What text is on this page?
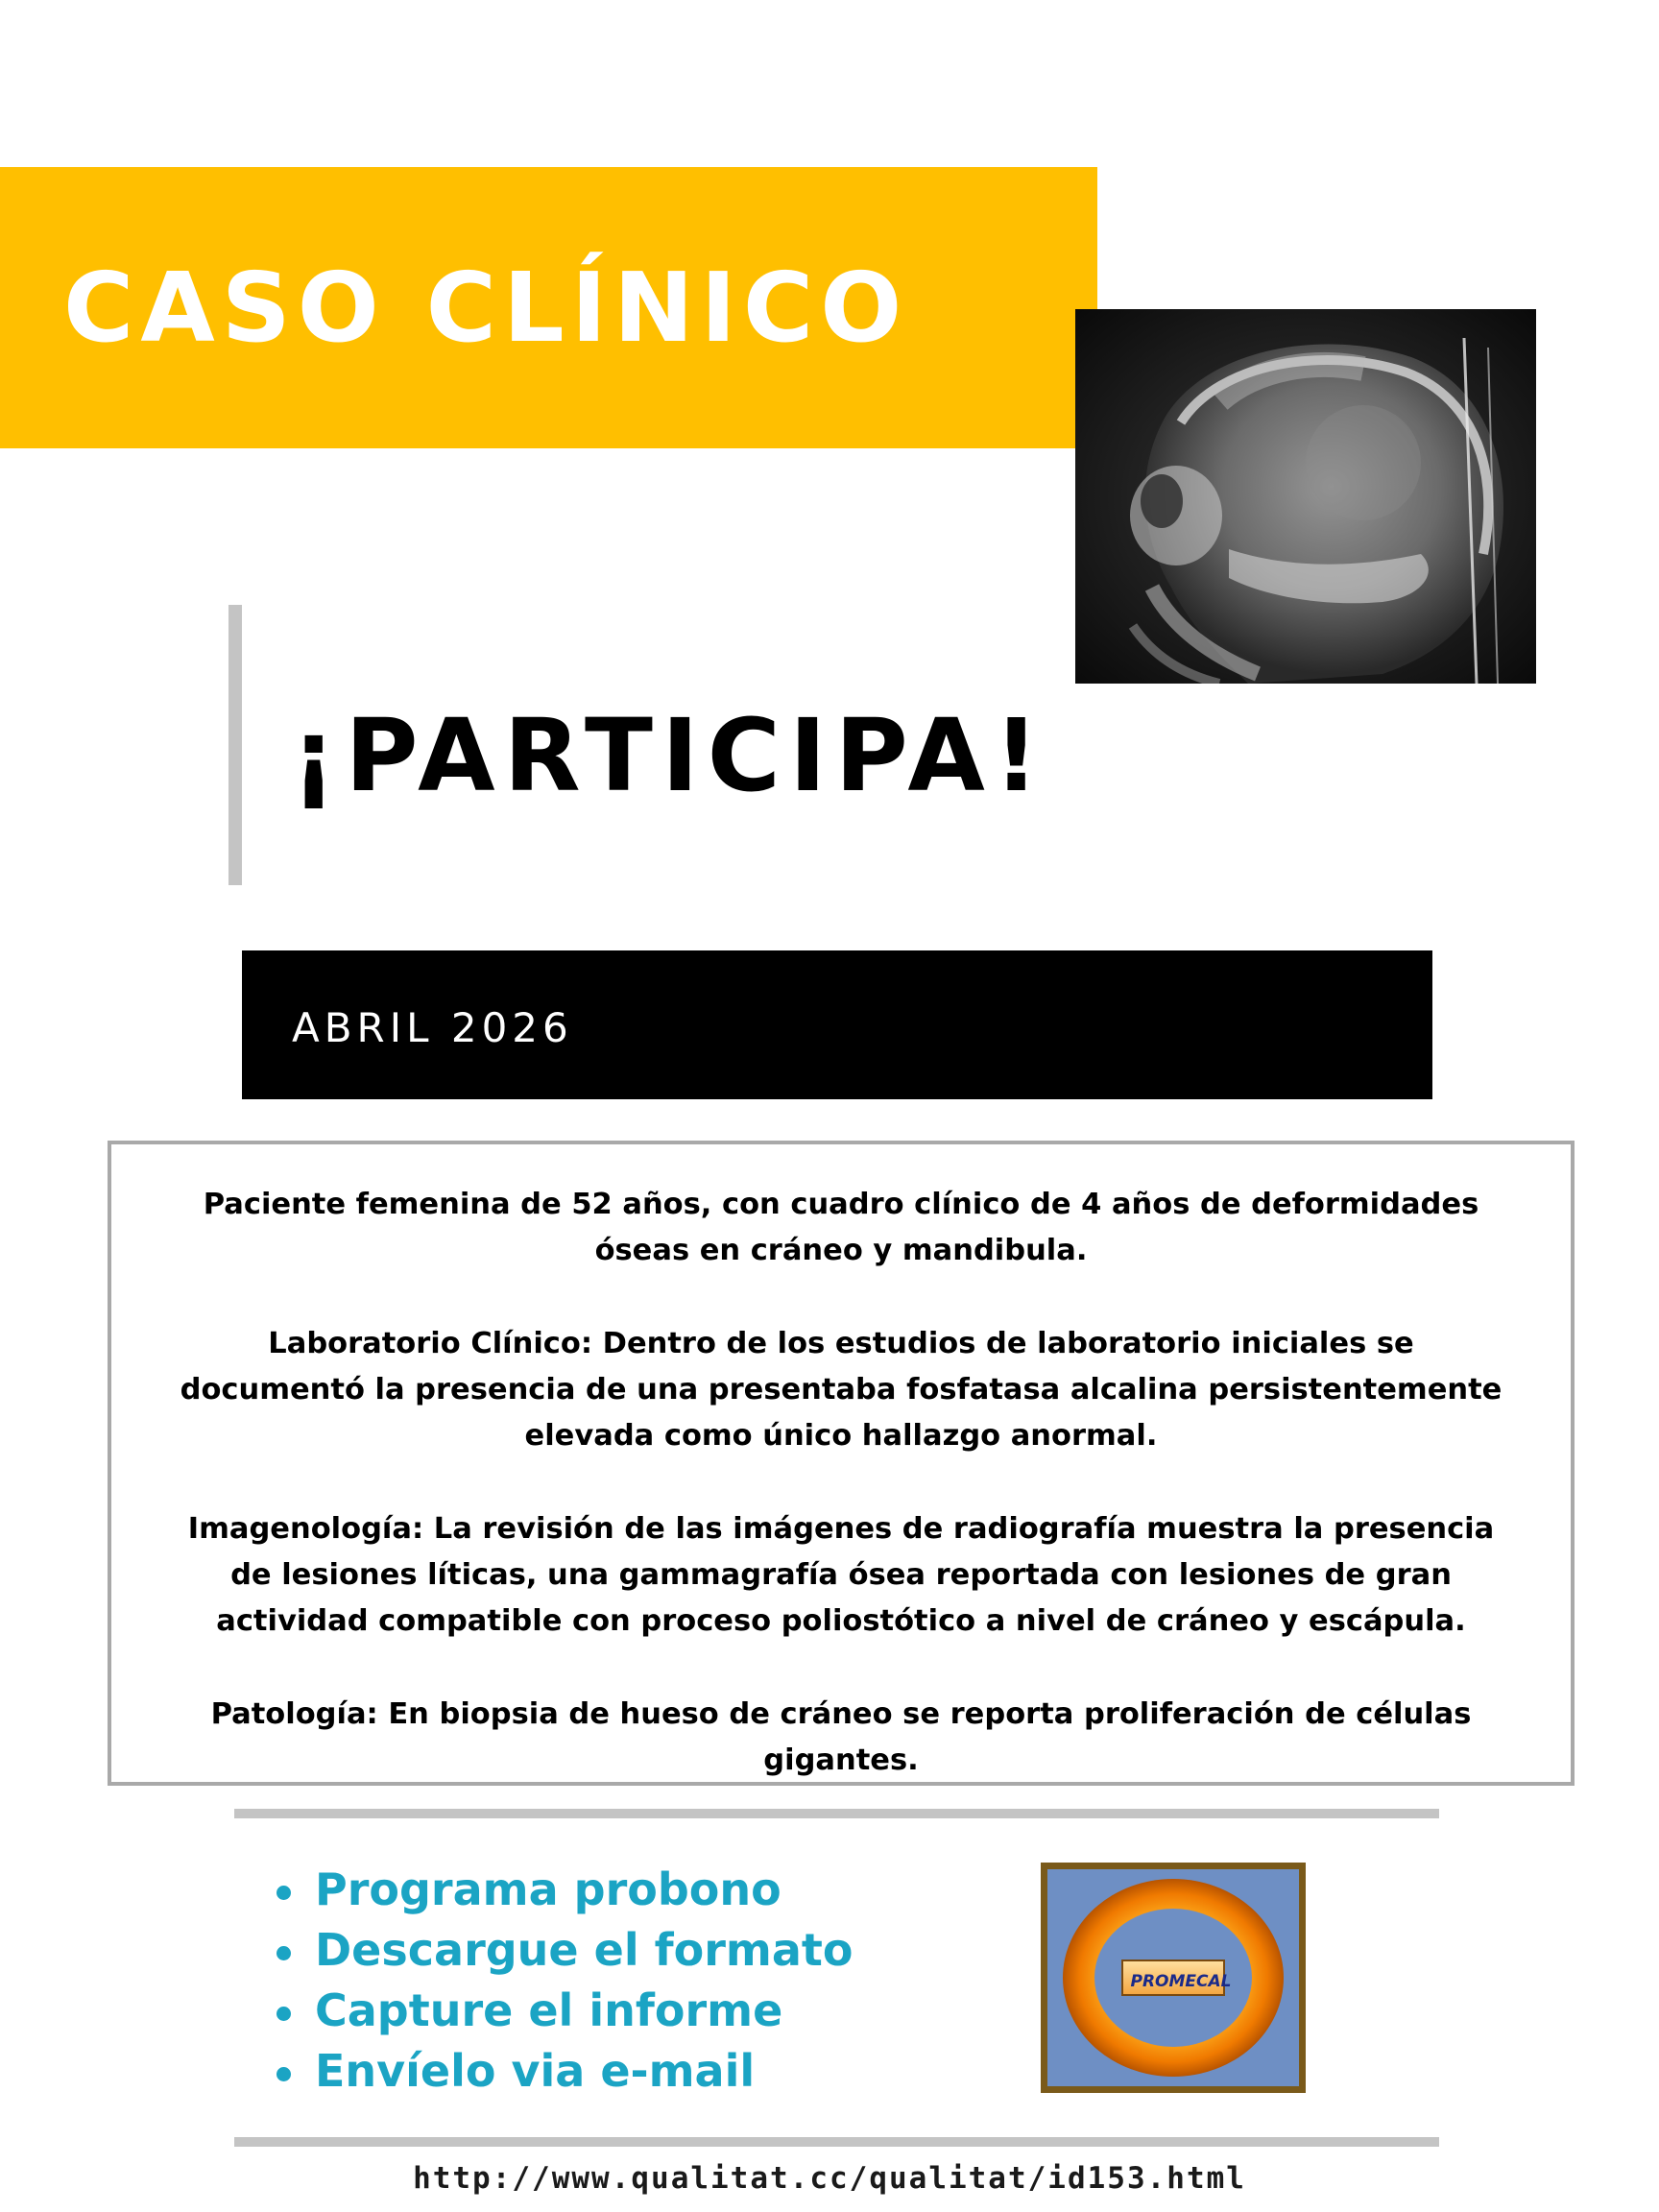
CASO CLÍNICO
¡PARTICIPA!
ABRIL 2026
Paciente femenina de 52 años, con cuadro clínico de 4 años de deformidades
óseas en cráneo y mandibula.
Laboratorio Clínico: Dentro de los estudios de laboratorio iniciales se
documentó la presencia de una presentaba fosfatasa alcalina persistentemente
elevada como único hallazgo anormal.
Imagenología: La revisión de las imágenes de radiografía muestra la presencia
de lesiones líticas, una gammagrafía ósea reportada con lesiones de gran
actividad compatible con proceso poliostótico a nivel de cráneo y escápula.
Patología: En biopsia de hueso de cráneo se reporta proliferación de células
gigantes.
Programa probono
Descargue el formato
Capture el informe
Envíelo via e-mail
PROMECAL
http://www.qualitat.cc/qualitat/id153.html
